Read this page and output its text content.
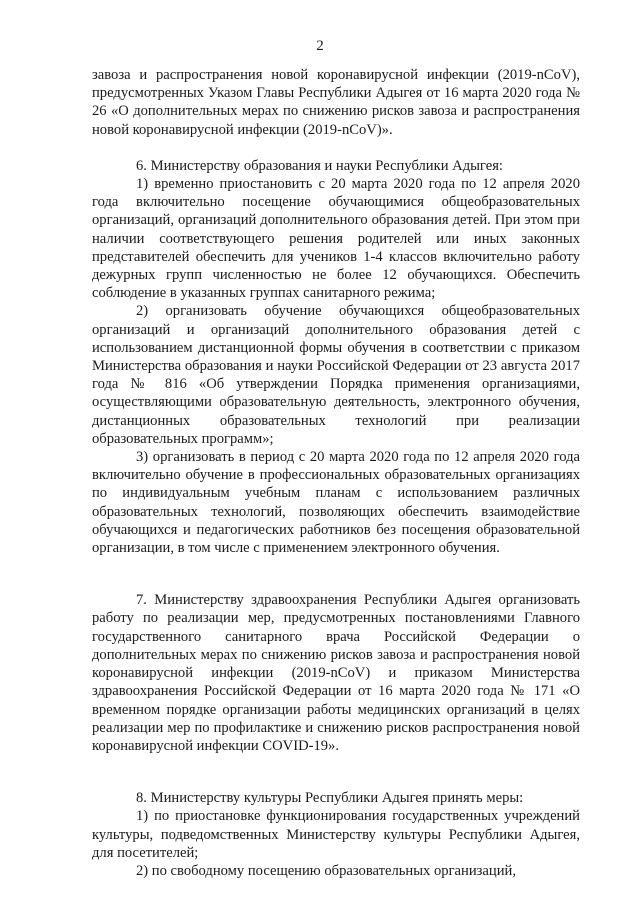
2

завоза и распространения новой коронавирусной инфекции (2019-nCoV), предусмотренных Указом Главы Республики Адыгея от 16 марта 2020 года № 26 «О дополнительных мерах по снижению рисков завоза и распространения новой коронавирусной инфекции (2019-nCoV)».

6. Министерству образования и науки Республики Адыгея:

1) временно приостановить с 20 марта 2020 года по 12 апреля 2020 года включительно посещение обучающимися общеобразовательных организаций, организаций дополнительного образования детей. При этом при наличии соответствующего решения родителей или иных законных представителей обеспечить для учеников 1-4 классов включительно работу дежурных групп численностью не более 12 обучающихся. Обеспечить соблюдение в указанных группах санитарного режима;

2) организовать обучение обучающихся общеобразовательных организаций и организаций дополнительного образования детей с использованием дистанционной формы обучения в соответствии с приказом Министерства образования и науки Российской Федерации от 23 августа 2017 года № 816 «Об утверждении Порядка применения организациями, осуществляющими образовательную деятельность, электронного обучения, дистанционных образовательных технологий при реализации образовательных программ»;

3) организовать в период с 20 марта 2020 года по 12 апреля 2020 года включительно обучение в профессиональных образовательных организациях по индивидуальным учебным планам с использованием различных образовательных технологий, позволяющих обеспечить взаимодействие обучающихся и педагогических работников без посещения образовательной организации, в том числе с применением электронного обучения.

7. Министерству здравоохранения Республики Адыгея организовать работу по реализации мер, предусмотренных постановлениями Главного государственного санитарного врача Российской Федерации о дополнительных мерах по снижению рисков завоза и распространения новой коронавирусной инфекции (2019-nCoV) и приказом Министерства здравоохранения Российской Федерации от 16 марта 2020 года № 171 «О временном порядке организации работы медицинских организаций в целях реализации мер по профилактике и снижению рисков распространения новой коронавирусной инфекции COVID-19».

8. Министерству культуры Республики Адыгея принять меры:

1) по приостановке функционирования государственных учреждений культуры, подведомственных Министерству культуры Республики Адыгея, для посетителей;

2) по свободному посещению образовательных организаций,
